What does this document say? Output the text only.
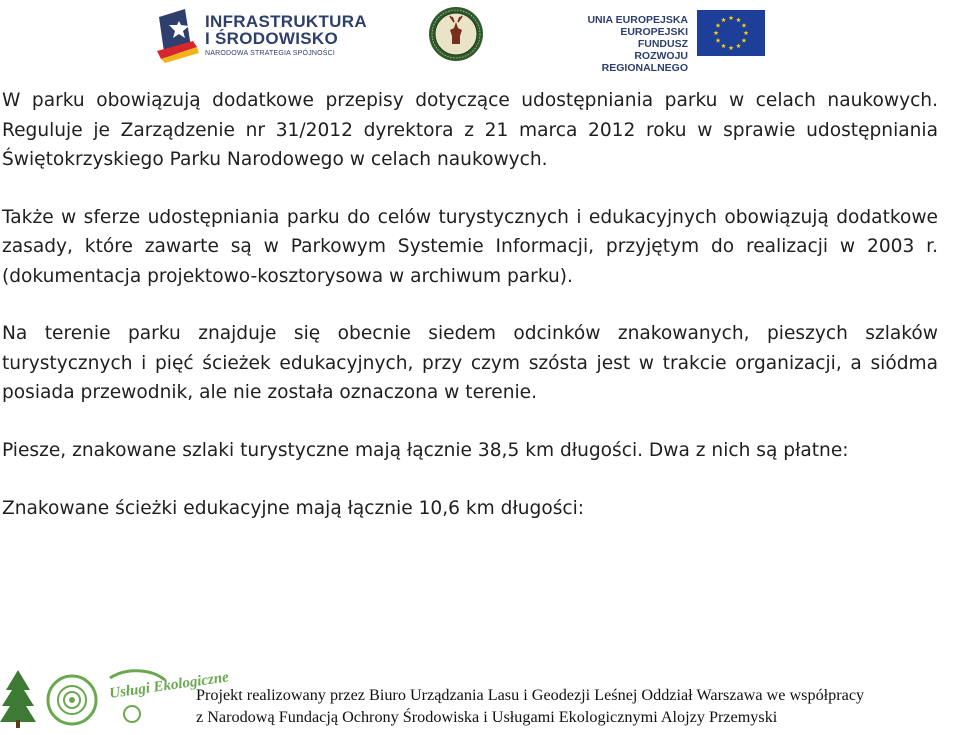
INFRASTRUKTURA
I ŚRODOWISKO
NARODOWA STRATEGIA SPÓJNOŚCI
UNIA EUROPEJSKA
EUROPEJSKI FUNDUSZ
ROZWOJU REGIONALNEGO

W parku obowiązują dodatkowe przepisy dotyczące udostępniania parku w celach naukowych. Reguluje je Zarządzenie nr 31/2012 dyrektora z 21 marca 2012 roku w sprawie udostępniania Świętokrzyskiego Parku Narodowego w celach naukowych.

Także w sferze udostępniania parku do celów turystycznych i edukacyjnych obowiązują dodatkowe zasady, które zawarte są w Parkowym Systemie Informacji, przyjętym do realizacji w 2003 r. (dokumentacja projektowo-kosztorysowa w archiwum parku).

Na terenie parku znajduje się obecnie siedem odcinków znakowanych, pieszych szlaków turystycznych i pięć ścieżek edukacyjnych, przy czym szósta jest w trakcie organizacji, a siódma posiada przewodnik, ale nie została oznaczona w terenie.

Piesze, znakowane szlaki turystyczne mają łącznie 38,5 km długości. Dwa z nich są płatne:

Znakowane ścieżki edukacyjne mają łącznie 10,6 km długości:

Usługi Ekologiczne
Projekt realizowany przez Biuro Urządzania Lasu i Geodezji Leśnej Oddział Warszawa we współpracy
z Narodową Fundacją Ochrony Środowiska i Usługami Ekologicznymi Alojzy Przemyski
